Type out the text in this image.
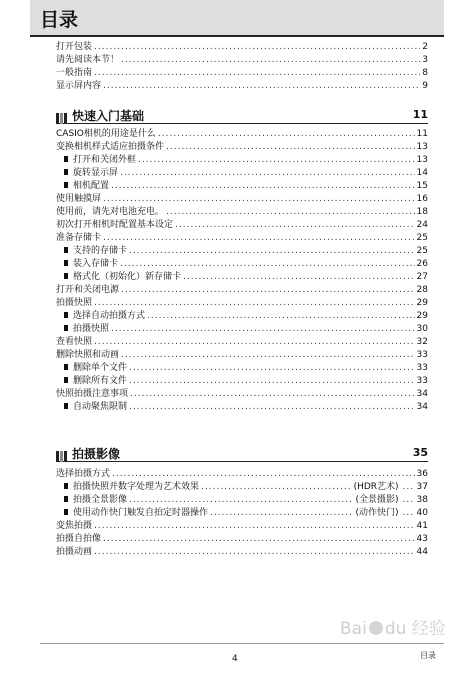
目录
打开包装 .....	2
请先阅读本节！ .....	3
一般指南 .....	8
显示屏内容 .....	9
快速入门基础	11
CASIO相机的用途是什么 .....	11
变换相机样式适应拍摄条件 .....	13
打开和关闭外框 .....	13
旋转显示屏 .....	14
相机配置 .....	15
使用触摸屏 .....	16
使用前，请先对电池充电。 .....	18
初次打开相机时配置基本设定 .....	24
准备存储卡 .....	25
支持的存储卡 .....	25
装入存储卡 .....	26
格式化（初始化）新存储卡 .....	27
打开和关闭电源 .....	28
拍摄快照 .....	29
选择自动拍摄方式 .....	29
拍摄快照 .....	30
查看快照 .....	32
删除快照和动画 .....	33
删除单个文件 .....	33
删除所有文件 .....	33
快照拍摄注意事项 .....	34
自动聚焦限制 .....	34
拍摄影像	35
选择拍摄方式 .....	36
拍摄快照并数字处理为艺术效果 .....	(HDR艺术) ..... 37
拍摄全景影像 .....	(全景摄影) ..... 38
使用动作快门触发自拍定时器操作 .....	(动作快门) ..... 40
变焦拍摄 .....	41
拍摄自拍像 .....	43
拍摄动画 .....	44
Bai du 经验
4	目录
